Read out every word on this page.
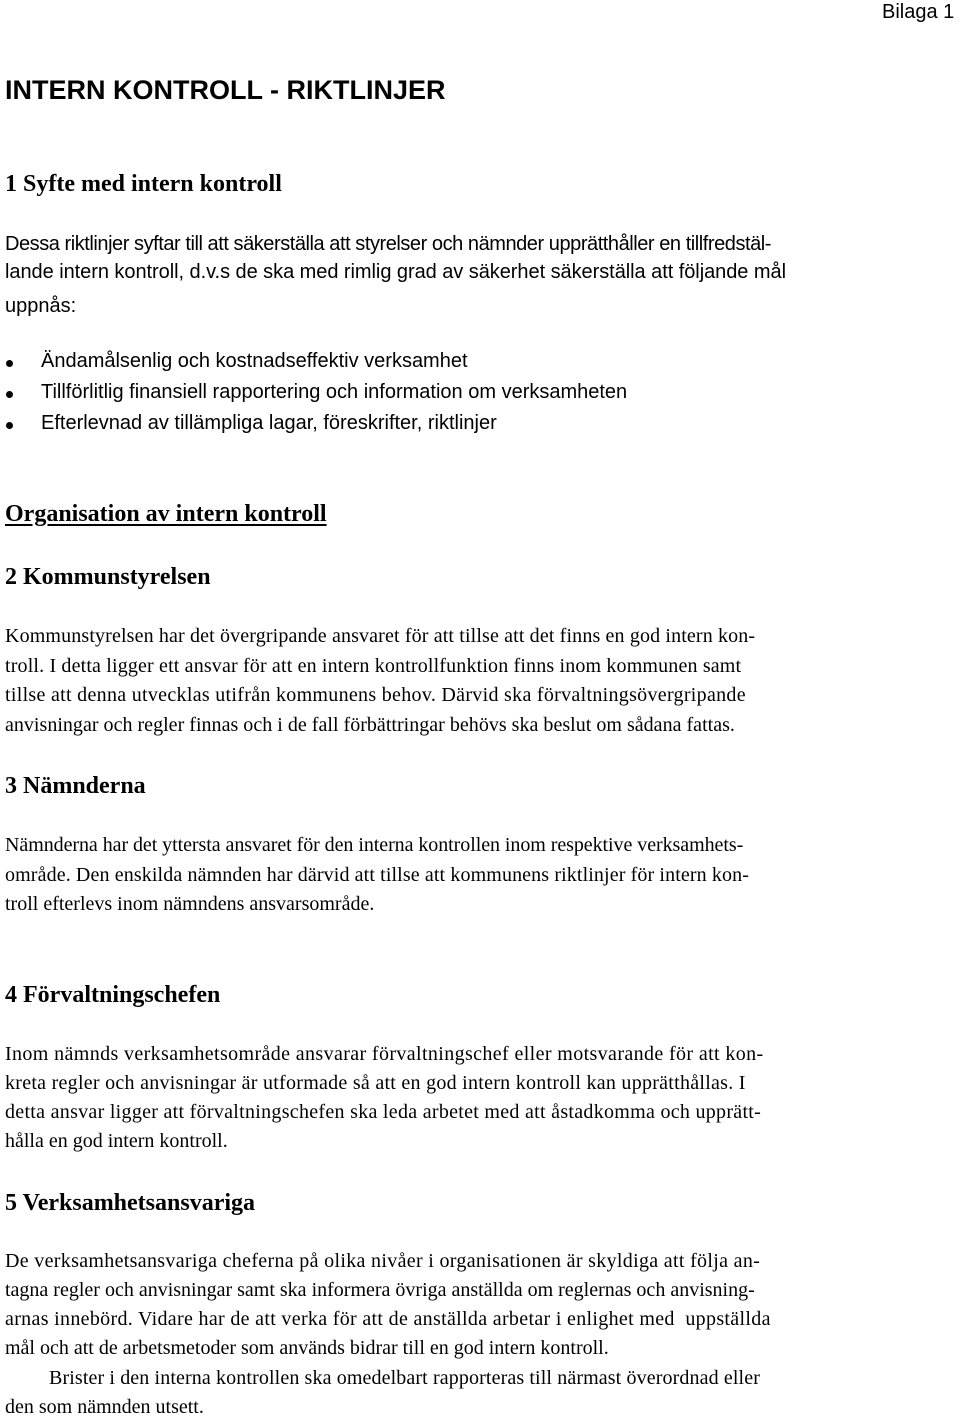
Bilaga 1
INTERN KONTROLL - RIKTLINJER
1 Syfte med intern kontroll
Dessa riktlinjer syftar till att säkerställa att styrelser och nämnder upprätthåller en tillfredstäl-
lande intern kontroll, d.v.s de ska med rimlig grad av säkerhet säkerställa att följande mål
uppnås:
Ändamålsenlig och kostnadseffektiv verksamhet
Tillförlitlig finansiell rapportering och information om verksamheten
Efterlevnad av tillämpliga lagar, föreskrifter, riktlinjer
Organisation av intern kontroll
2 Kommunstyrelsen
Kommunstyrelsen har det övergripande ansvaret för att tillse att det finns en god intern kon-
troll. I detta ligger ett ansvar för att en intern kontrollfunktion finns inom kommunen samt
tillse att denna utvecklas utifrån kommunens behov. Därvid ska förvaltningsövergripande
anvisningar och regler finnas och i de fall förbättringar behövs ska beslut om sådana fattas.
3 Nämnderna
Nämnderna har det yttersta ansvaret för den interna kontrollen inom respektive verksamhets-
område. Den enskilda nämnden har därvid att tillse att kommunens riktlinjer för intern kon-
troll efterlevs inom nämndens ansvarsområde.
4 Förvaltningschefen
Inom nämnds verksamhetsområde ansvarar förvaltningschef eller motsvarande för att kon-
kreta regler och anvisningar är utformade så att en god intern kontroll kan upprätthållas. I
detta ansvar ligger att förvaltningschefen ska leda arbetet med att åstadkomma och upprätt-
hålla en god intern kontroll.
5 Verksamhetsansvariga
De verksamhetsansvariga cheferna på olika nivåer i organisationen är skyldiga att följa an-
tagna regler och anvisningar samt ska informera övriga anställda om reglernas och anvisning-
arnas innebörd. Vidare har de att verka för att de anställda arbetar i enlighet med  uppställda
mål och att de arbetsmetoder som används bidrar till en god intern kontroll.
Brister i den interna kontrollen ska omedelbart rapporteras till närmast överordnad eller
den som nämnden utsett.
